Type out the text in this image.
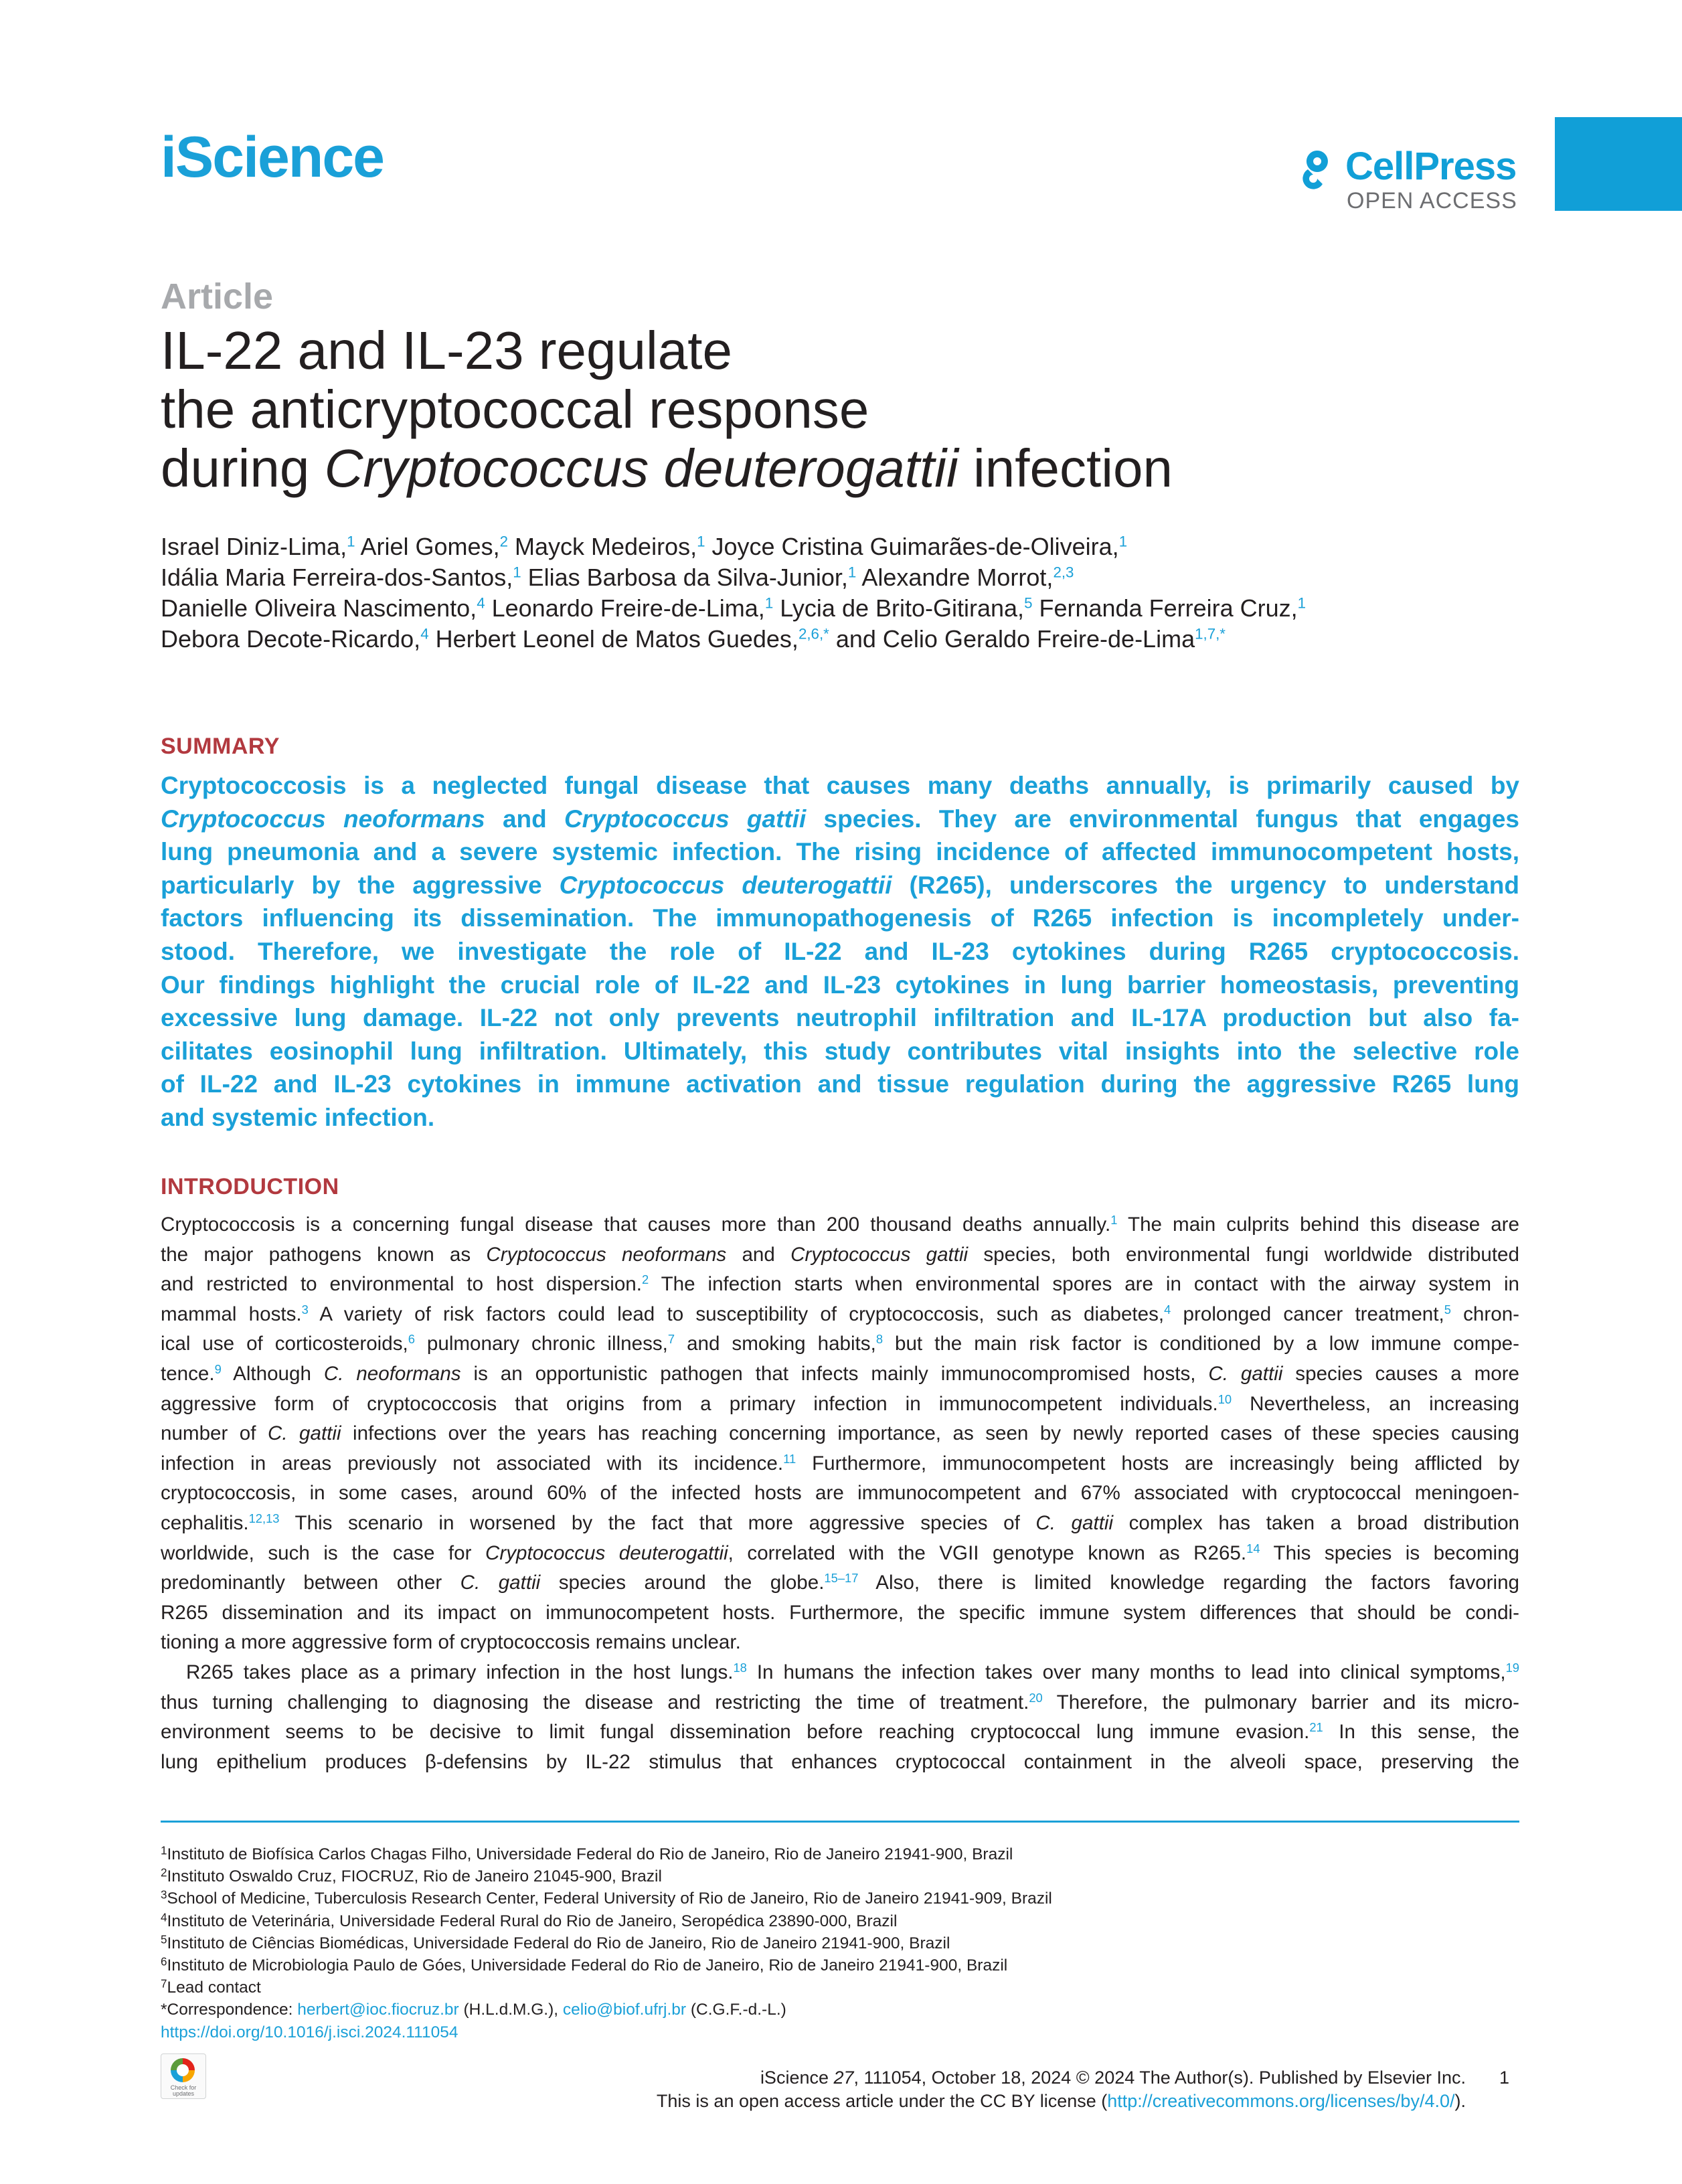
iScience	CellPress
OPEN ACCESS
Article
IL-22 and IL-23 regulate
the anticryptococcal response
during Cryptococcus deuterogattii infection
Israel Diniz-Lima,$^1$ Ariel Gomes,$^2$ Mayck Medeiros,$^1$ Joyce Cristina Guimarães-de-Oliveira,$^1$
Idália Maria Ferreira-dos-Santos,$^1$ Elias Barbosa da Silva-Junior,$^1$ Alexandre Morrot,$^{2,3}$
Danielle Oliveira Nascimento,$^4$ Leonardo Freire-de-Lima,$^1$ Lycia de Brito-Gitirana,$^5$ Fernanda Ferreira Cruz,$^1$
Debora Decote-Ricardo,$^4$ Herbert Leonel de Matos Guedes,$^{2,6,*}$ and Celio Geraldo Freire-de-Lima$^{1,7,*}$
SUMMARY
Cryptococcosis is a neglected fungal disease that causes many deaths annually, is primarily caused by
Cryptococcus neoformans and Cryptococcus gattii species. They are environmental fungus that engages
lung pneumonia and a severe systemic infection. The rising incidence of affected immunocompetent hosts,
particularly by the aggressive Cryptococcus deuterogattii (R265), underscores the urgency to understand
factors influencing its dissemination. The immunopathogenesis of R265 infection is incompletely under-
stood. Therefore, we investigate the role of IL-22 and IL-23 cytokines during R265 cryptococcosis.
Our findings highlight the crucial role of IL-22 and IL-23 cytokines in lung barrier homeostasis, preventing
excessive lung damage. IL-22 not only prevents neutrophil infiltration and IL-17A production but also fa-
cilitates eosinophil lung infiltration. Ultimately, this study contributes vital insights into the selective role
of IL-22 and IL-23 cytokines in immune activation and tissue regulation during the aggressive R265 lung
and systemic infection.
INTRODUCTION
Cryptococcosis is a concerning fungal disease that causes more than 200 thousand deaths annually.$^1$ The main culprits behind this disease are
the major pathogens known as Cryptococcus neoformans and Cryptococcus gattii species, both environmental fungi worldwide distributed
and restricted to environmental to host dispersion.$^2$ The infection starts when environmental spores are in contact with the airway system in
mammal hosts.$^3$ A variety of risk factors could lead to susceptibility of cryptococcosis, such as diabetes,$^4$ prolonged cancer treatment,$^5$ chron-
ical use of corticosteroids,$^6$ pulmonary chronic illness,$^7$ and smoking habits,$^8$ but the main risk factor is conditioned by a low immune compe-
tence.$^9$ Although C. neoformans is an opportunistic pathogen that infects mainly immunocompromised hosts, C. gattii species causes a more
aggressive form of cryptococcosis that origins from a primary infection in immunocompetent individuals.$^{10}$ Nevertheless, an increasing
number of C. gattii infections over the years has reaching concerning importance, as seen by newly reported cases of these species causing
infection in areas previously not associated with its incidence.$^{11}$ Furthermore, immunocompetent hosts are increasingly being afflicted by
cryptococcosis, in some cases, around 60% of the infected hosts are immunocompetent and 67% associated with cryptococcal meningoen-
cephalitis.$^{12,13}$ This scenario in worsened by the fact that more aggressive species of C. gattii complex has taken a broad distribution
worldwide, such is the case for Cryptococcus deuterogattii, correlated with the VGII genotype known as R265.14 This species is becoming
predominantly between other C. gattii species around the globe.$^{15-17}$ Also, there is limited knowledge regarding the factors favoring
R265 dissemination and its impact on immunocompetent hosts. Furthermore, the specific immune system differences that should be condi-
tioning a more aggressive form of cryptococcosis remains unclear.
R265 takes place as a primary infection in the host lungs.$^{18}$ In humans the infection takes over many months to lead into clinical symptoms,$^{19}$
thus turning challenging to diagnosing the disease and restricting the time of treatment.$^{20}$ Therefore, the pulmonary barrier and its micro-
environment seems to be decisive to limit fungal dissemination before reaching cryptococcal lung immune evasion.$^{21}$ In this sense, the
lung epithelium produces β-defensins by IL-22 stimulus that enhances cryptococcal containment in the alveoli space, preserving the
$^1$Instituto de Biofísica Carlos Chagas Filho, Universidade Federal do Rio de Janeiro, Rio de Janeiro 21941-900, Brazil
$^2$Instituto Oswaldo Cruz, FIOCRUZ, Rio de Janeiro 21045-900, Brazil
$^3$School of Medicine, Tuberculosis Research Center, Federal University of Rio de Janeiro, Rio de Janeiro 21941-909, Brazil
$^4$Instituto de Veterinária, Universidade Federal Rural do Rio de Janeiro, Seropédica 23890-000, Brazil
$^5$Instituto de Ciências Biomédicas, Universidade Federal do Rio de Janeiro, Rio de Janeiro 21941-900, Brazil
$^6$Instituto de Microbiologia Paulo de Góes, Universidade Federal do Rio de Janeiro, Rio de Janeiro 21941-900, Brazil
$^7$Lead contact
*Correspondence: herbert@ioc.fiocruz.br (H.L.d.M.G.), celio@biof.ufrj.br (C.G.F.-d.-L.)
https://doi.org/10.1016/j.isci.2024.111054
Check for updates
iScience 27, 111054, October 18, 2024 © 2024 The Author(s). Published by Elsevier Inc.
This is an open access article under the CC BY license (http://creativecommons.org/licenses/by/4.0/).
1
